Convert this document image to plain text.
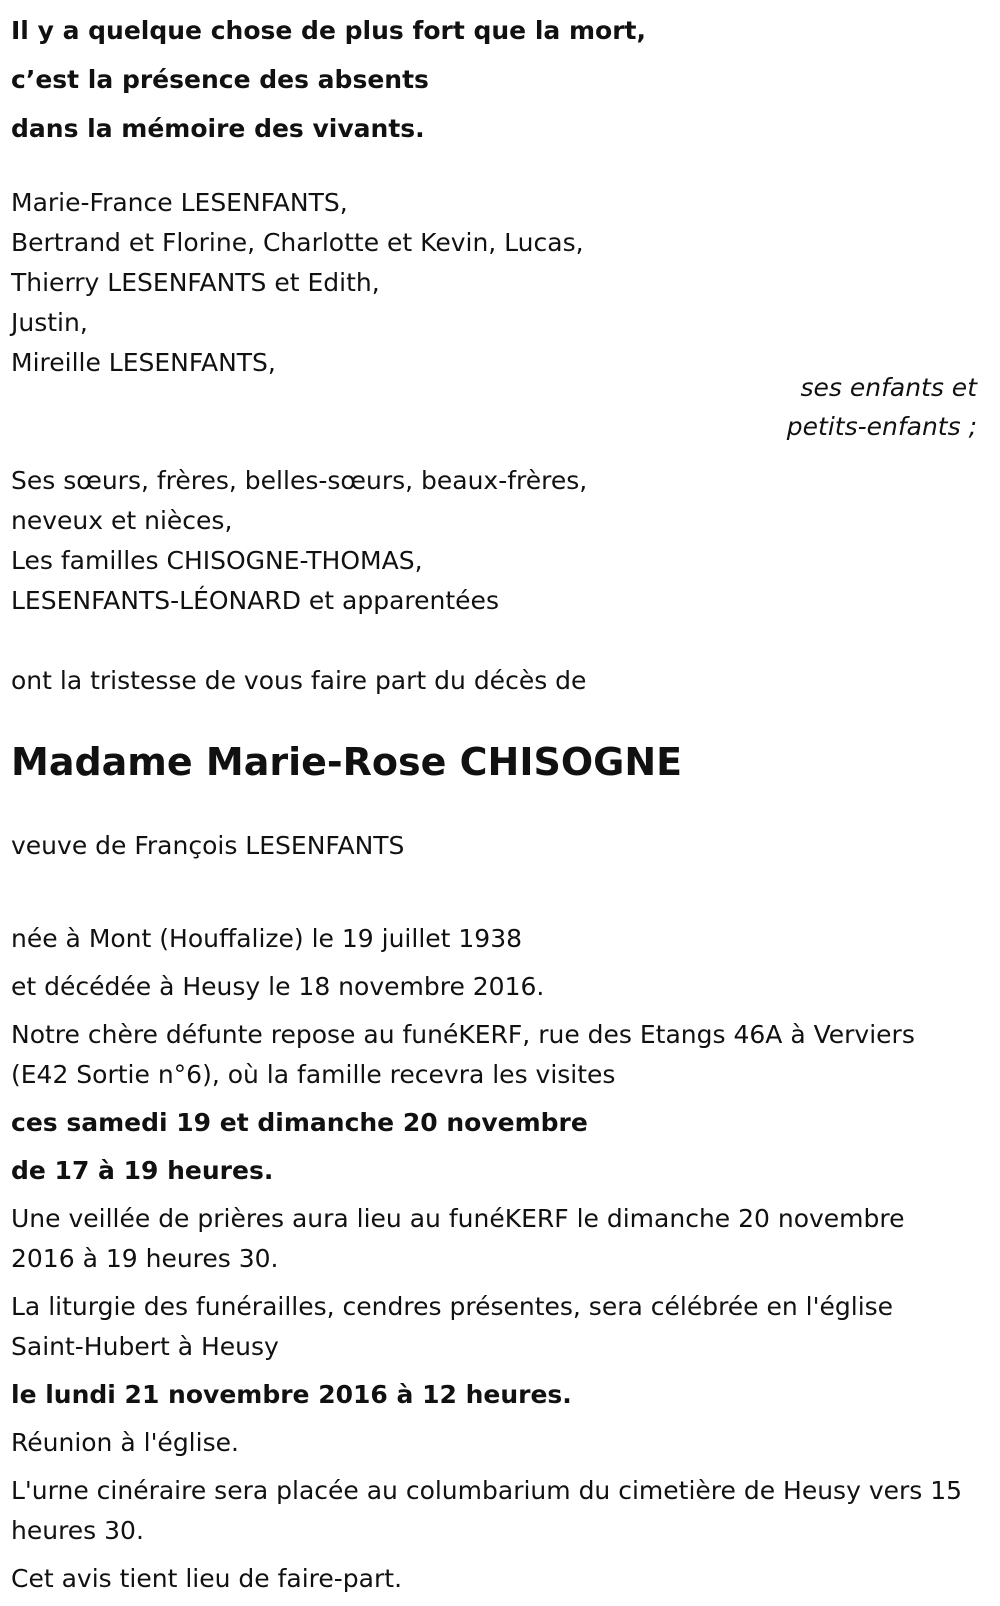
Il y a quelque chose de plus fort que la mort,

c’est la présence des absents

dans la mémoire des vivants.

Marie-France LESENFANTS,

Bertrand et Florine, Charlotte et Kevin, Lucas,

Thierry LESENFANTS et Edith,

Justin,

Mireille LESENFANTS,

Ses sœurs, frères, belles-sœurs, beaux-frères,

neveux et nièces,

Les familles CHISOGNE-THOMAS,

LESENFANTS-LÉONARD et apparentées

ont la tristesse de vous faire part du décès de

Madame Marie-Rose CHISOGNE

veuve de François LESENFANTS

née à Mont (Houffalize) le 19 juillet 1938

et décédée à Heusy le 18 novembre 2016.

Notre chère défunte repose au funéKERF, rue des Etangs 46A à Verviers (E42 Sortie n°6), où la famille recevra les visites

ces samedi 19 et dimanche 20 novembre

de 17 à 19 heures.

Une veillée de prières aura lieu au funéKERF le dimanche 20 novembre 2016 à 19 heures 30.

La liturgie des funérailles, cendres présentes, sera célébrée en l'église Saint-Hubert à Heusy

le lundi 21 novembre 2016 à 12 heures.

Réunion à l'église.

L'urne cinéraire sera placée au columbarium du cimetière de Heusy vers 15 heures 30.

Cet avis tient lieu de faire-part.

ses enfants et

petits-enfants ;
